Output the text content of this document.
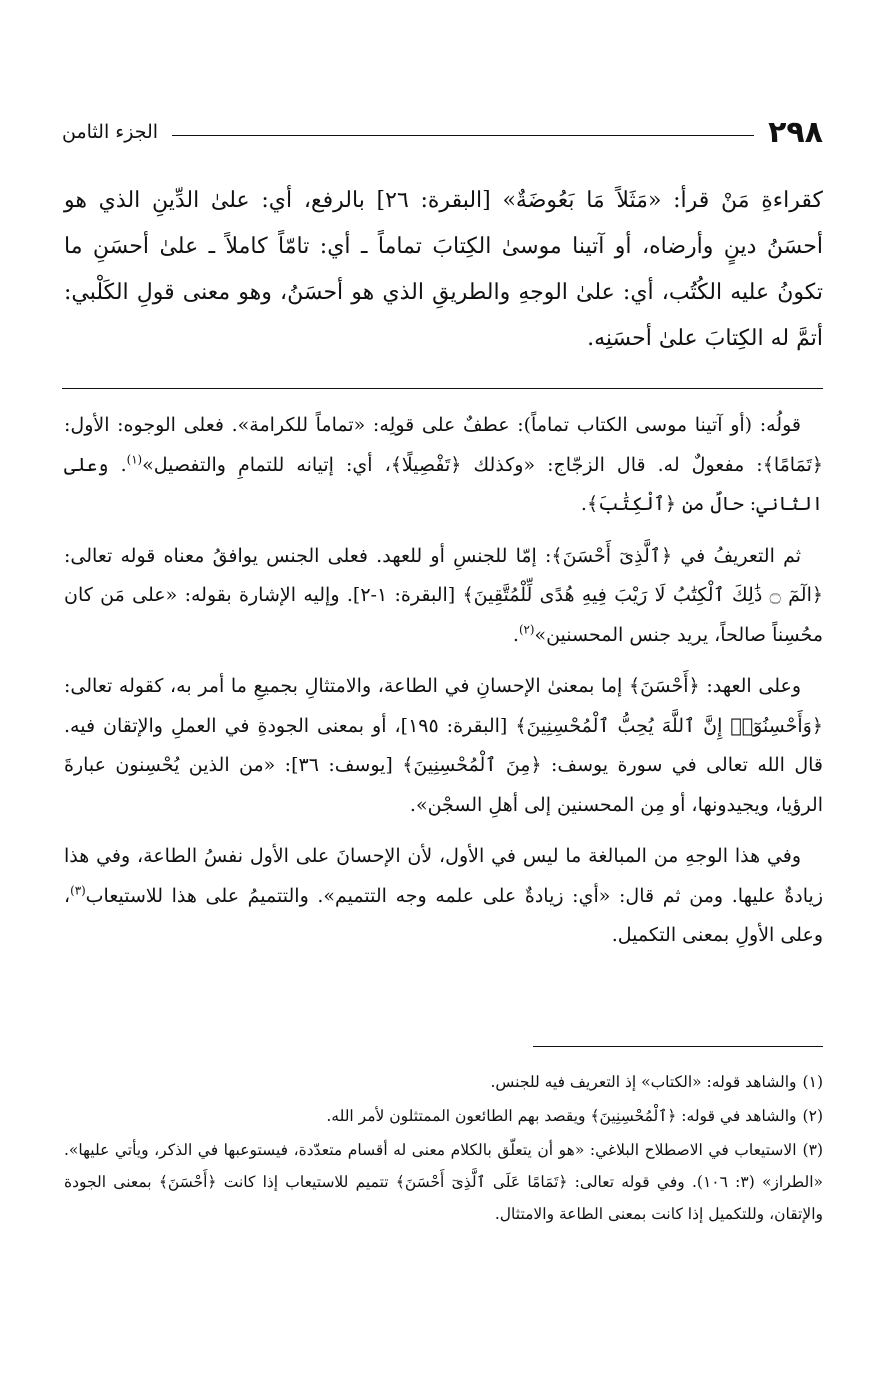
٢٩٨
الجزء الثامن

كقراءةِ مَنْ قرأ: «مَثَلاً مَا بَعُوضَةٌ» [البقرة: ٢٦] بالرفع، أي: علىٰ الدِّينِ الذي هو أحسَنُ دينٍ وأرضاه، أو آتينا موسىٰ الكِتابَ تماماً ـ أي: تامّاً كاملاً ـ علىٰ أحسَنِ ما تكونُ عليه الكُتُب، أي: علىٰ الوجهِ والطريقِ الذي هو أحسَنُ، وهو معنى قولِ الكَلْبي: أتمَّ له الكِتابَ علىٰ أحسَنِه.

قولُه: (أو آتينا موسى الكتاب تماماً): عطفٌ على قولِه: «تماماً للكرامة». فعلى الوجوه: الأول: ﴿تَمَامًا﴾: مفعولٌ له. قال الزجّاج: «وكذلك ﴿تَفْصِيلًا﴾، أي: إتيانه للتمامِ والتفصيل»$^{(١)}$. وعلى الثاني: حالٌ من ﴿ٱلْكِتَٰبَ﴾.

ثم التعريفُ في ﴿ٱلَّذِىٓ أَحْسَنَ﴾: إمّا للجنسِ أو للعهد. فعلى الجنس يوافقُ معناه قوله تعالى: ﴿الٓمٓ ۝ ذَٰلِكَ ٱلْكِتَٰبُ لَا رَيْبَ فِيهِ هُدًى لِّلْمُتَّقِينَ﴾ [البقرة: ١-٢]. وإليه الإشارة بقوله: «على مَن كان محُسِناً صالحاً، يريد جنس المحسنين»$^{(٢)}$.

وعلى العهد: ﴿أَحْسَنَ﴾ إما بمعنىٰ الإحسانِ في الطاعة، والامتثالِ بجميعِ ما أمر به، كقوله تعالى: ﴿وَأَحْسِنُوٓا۟ إِنَّ ٱللَّهَ يُحِبُّ ٱلْمُحْسِنِينَ﴾ [البقرة: ١٩٥]، أو بمعنى الجودةِ في العملِ والإتقان فيه. قال الله تعالى في سورة يوسف: ﴿مِنَ ٱلْمُحْسِنِينَ﴾ [يوسف: ٣٦]: «من الذين يُحْسِنون عبارةَ الرؤيا، ويجيدونها، أو مِن المحسنين إلى أهلِ السجْن».

وفي هذا الوجهِ من المبالغة ما ليس في الأول، لأن الإحسانَ على الأول نفسُ الطاعة، وفي هذا زيادةٌ عليها. ومن ثم قال: «أي: زيادةٌ على علمه وجه التتميم». والتتميمُ على هذا للاستيعاب$^{(٣)}$، وعلى الأولِ بمعنى التكميل.

(١)والشاهد قوله: «الكتاب» إذ التعريف فيه للجنس.

(٢)والشاهد في قوله: ﴿ٱلْمُحْسِنِينَ﴾ ويقصد بهم الطائعون الممتثلون لأمر الله.

(٣)الاستيعاب في الاصطلاح البلاغي: «هو أن يتعلّق بالكلام معنى له أقسام متعدّدة، فيستوعبها في الذكر، ويأتي عليها». «الطراز» (٣: ١٠٦). وفي قوله تعالى: ﴿تَمَامًا عَلَى ٱلَّذِىٓ أَحْسَنَ﴾ تتميم للاستيعاب إذا كانت ﴿أَحْسَنَ﴾ بمعنى الجودة والإتقان، وللتكميل إذا كانت بمعنى الطاعة والامتثال.
